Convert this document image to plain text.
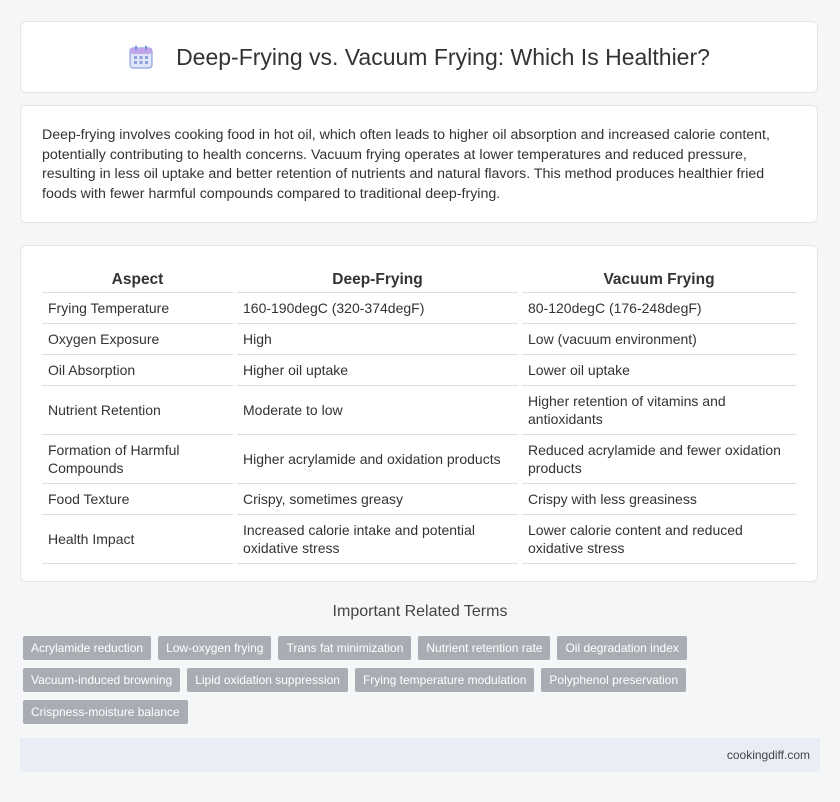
Deep-Frying vs. Vacuum Frying: Which Is Healthier?

Deep-frying involves cooking food in hot oil, which often leads to higher oil absorption and increased calorie content, potentially contributing to health concerns. Vacuum frying operates at lower temperatures and reduced pressure, resulting in less oil uptake and better retention of nutrients and natural flavors. This method produces healthier fried foods with fewer harmful compounds compared to traditional deep-frying.

Aspect	Deep-Frying	Vacuum Frying
Frying Temperature	160-190degC (320-374degF)	80-120degC (176-248degF)
Oxygen Exposure	High	Low (vacuum environment)
Oil Absorption	Higher oil uptake	Lower oil uptake
Nutrient Retention	Moderate to low	Higher retention of vitamins and antioxidants
Formation of Harmful Compounds	Higher acrylamide and oxidation products	Reduced acrylamide and fewer oxidation products
Food Texture	Crispy, sometimes greasy	Crispy with less greasiness
Health Impact	Increased calorie intake and potential oxidative stress	Lower calorie content and reduced oxidative stress
Important Related Terms
Acrylamide reduction	Low-oxygen frying	Trans fat minimization	Nutrient retention rate	Oil degradation index
Vacuum-induced browning	Lipid oxidation suppression	Frying temperature modulation	Polyphenol preservation
Crispness-moisture balance
cookingdiff.com
